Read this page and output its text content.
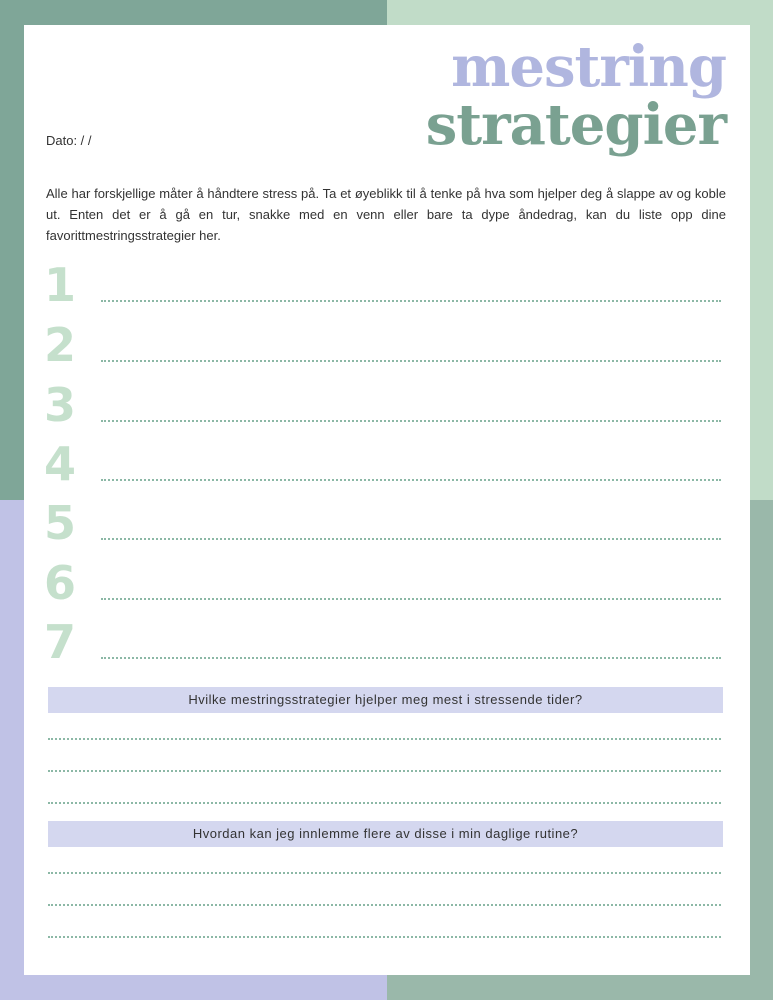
mestring
strategier
Dato: / /
Alle har forskjellige måter å håndtere stress på. Ta et øyeblikk til å tenke på hva som hjelper deg å slappe av og koble ut. Enten det er å gå en tur, snakke med en venn eller bare ta dype åndedrag, kan du liste opp dine favorittmestringsstrategier her.
1
2
3
4
5
6
7
Hvilke mestringsstrategier hjelper meg mest i stressende tider?
Hvordan kan jeg innlemme flere av disse i min daglige rutine?
